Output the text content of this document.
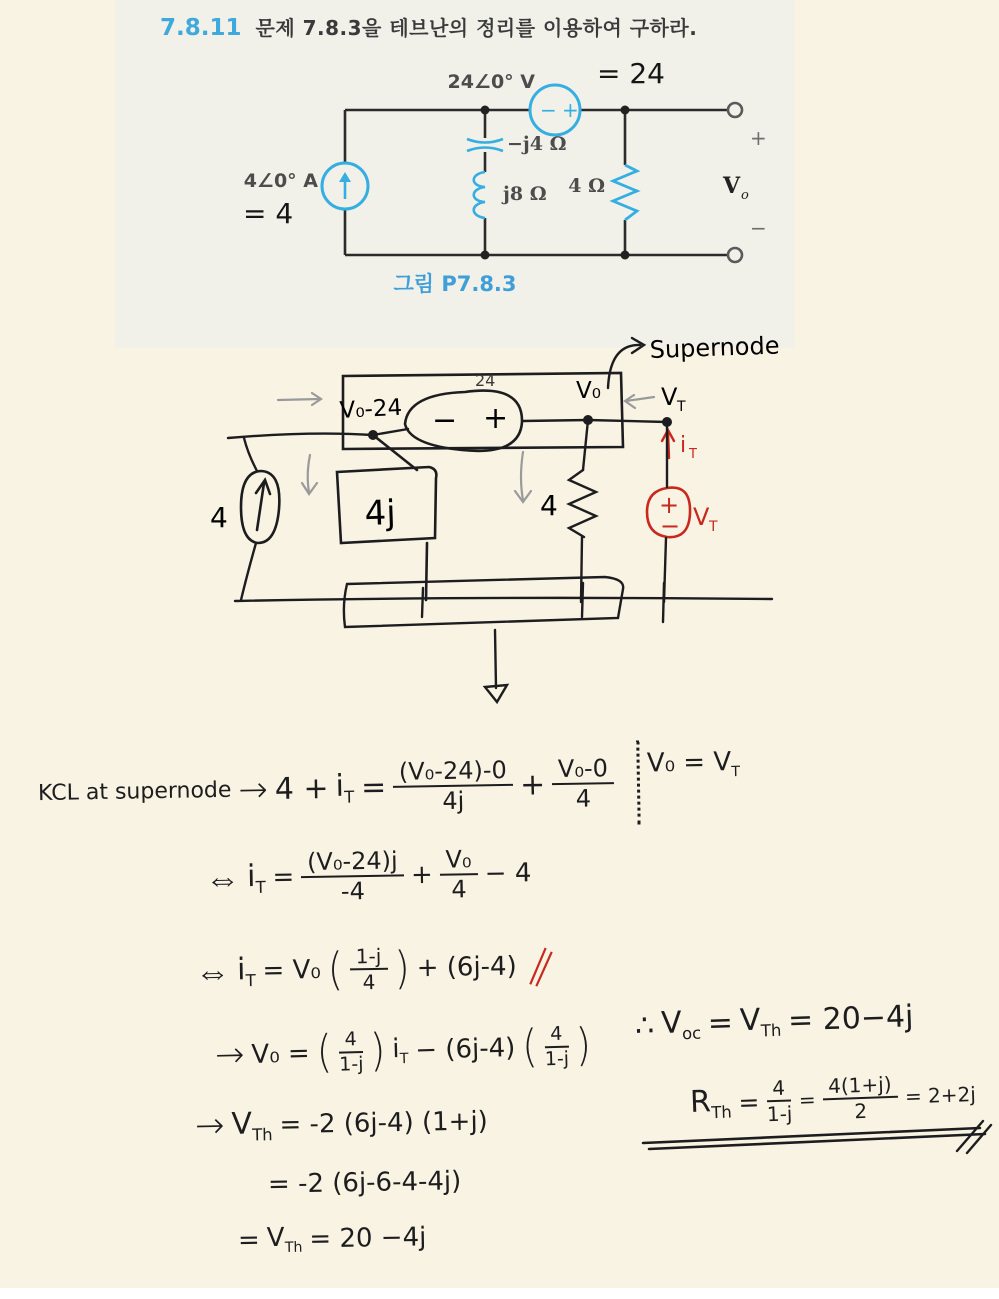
7.8.11 문제 7.8.3을 테브난의 정리를 이용하여 구하라.
− +
24∠0° V
4∠0° A
−j4 Ω
j8 Ω 4 Ω
+
−
V o
= 24
= 4
그림 P7.8.3
Supernode
− +
24
V₀-24
V₀	V T
i T
4	4j	4	+
− V T
KCL at supernode → $4 + i_T = \frac{\text{(V₀-24)-0}}{4j} + \frac{\text{V₀-0}}{4} V_0 = V_T$
⇔ $i_T = \frac{\text{(V₀-24)j}}{-4} + \frac{\text{V₀}}{4} - 4$
⇔ $i_T = V_0$ ( $\frac{1-j}{4}$ ) + (6j-4)
→ V₀ = ( $\frac{4}{1-j}$ ) $i_T - (6j-4)$ ( $\frac{4}{1-j}$ )
→ $V_{Th} = -2$ (6j-4) (1+j)
= -2 (6j-6-4-4j)
= $V_{Th} = 20 -4j$
∴ $V_{oc} = V_{Th} = 20-4j$
$R_{Th} = \frac{4}{1-j} = \frac{4(1+j)}{2} = 2+2j$
